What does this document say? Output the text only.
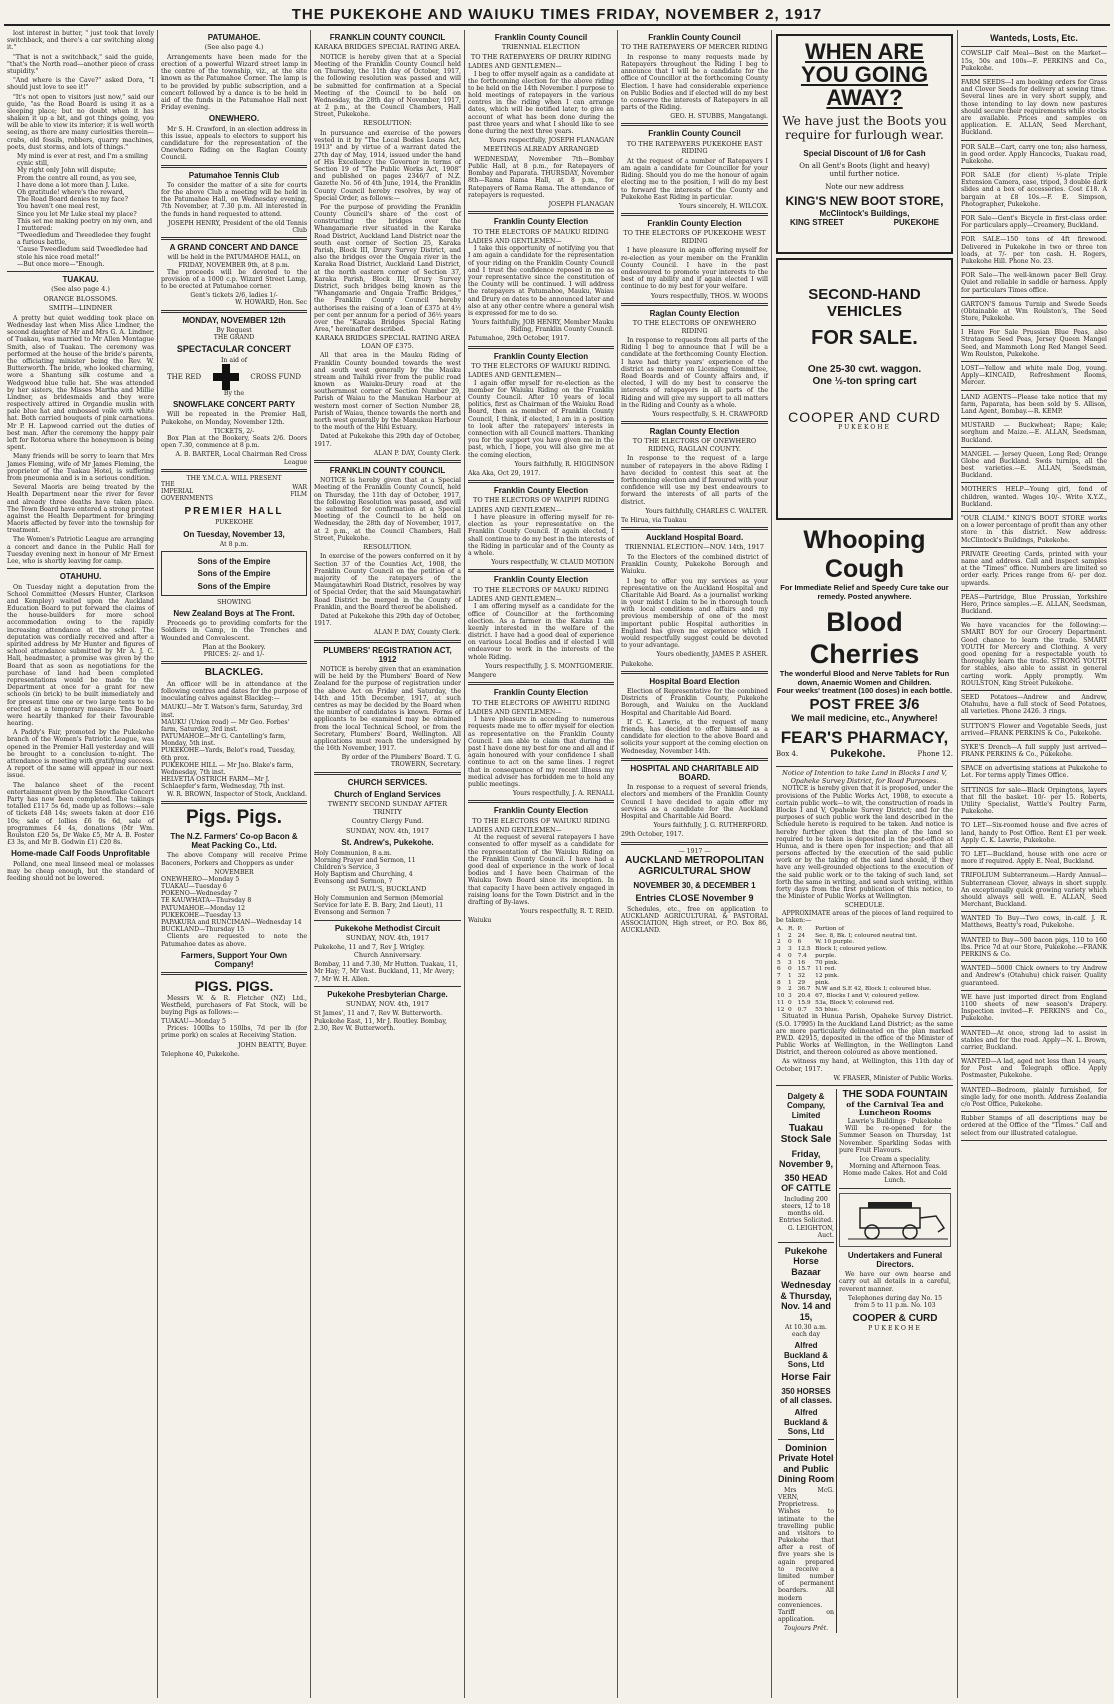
THE PUKEKOHE AND WAIUKU TIMES FRIDAY, NOVEMBER 2, 1917

lost interest in butter, " just took that lovely switchback, and there's a car switching along it."

"That is not a switchback," said the guide, "that's the North road—another piece of crass stupidity."

"And where is the Cave?" asked Dora, "I should just love to see it!"

"It's not open to visitors just now," said our guide, "as the Road Board is using it as a sleeping place; but no doubt when it has shaken it up a bit, and got things going, you will be able to view its interior; it is well worth seeing, as there are many curiosities therein—crabs, old fossils, robbers, quarry machines, poets, dust storms, and lots of things."

My mind is ever at rest, and I'm a smiling cynic still,
My right only John will dispute;
From the centre all round, as you see,
I have done a lot more than J. Luke.
Oh gratitude! where's the reward,
The Road Board denies to my face?
You haven't one meal rest,
Since you let Mr Luke steal my place?
This set me making poetry on my own, and I muttered:
"Tweedledum and Tweedledee they fought a furious battle,
'Cause Tweedledum said Tweedledee had stole his nice road metal!"
—But once more—"Enough.
TUAKAU.
(See also page 4.)
ORANGE BLOSSOMS.
SMITH—LINDNER

A pretty but quiet wedding took place on Wednesday last when Miss Alice Lindner, the second daughter of Mr and Mrs G. A. Lindner, of Tuakau, was married to Mr Allen Montague Smith, also of Tuakau. The ceremony was performed at the house of the bride's parents, the officiating minister being the Rev. W. Butterworth. The bride, who looked charming, wore a Shantung silk costume and a Wedgwood blue tulle hat. She was attended by her sisters, the Misses Martha and Millie Lindner, as bridesmaids and they were respectively attired in Organdie muslin with pale blue hat and embossed voile with white hat. Both carried bouquets of pink carnations. Mr P. H. Lapwood carried out the duties of best man. After the ceremony the happy pair left for Rotorua where the honeymoon is being spent.

Many friends will be sorry to learn that Mrs James Fleming, wife of Mr James Fleming, the proprietor of the Tuakau Hotel, is suffering from pneumonia and is in a serious condition.

Several Maoris are being treated by the Health Department near the river for fever and already three deaths have taken place. The Town Board have entered a strong protest against the Health Department for bringing Maoris affected by fever into the township for treatment.

The Women's Patriotic League are arranging a concert and dance in the Public Hall for Tuesday evening next in honour of Mr Ernest Lee, who is shortly leaving for camp.

OTAHUHU.

On Tuesday night a deputation from the School Committee (Messrs Hunter, Clarkson and Kempley) waited upon the Auckland Education Board to put forward the claims of the house-builders for more school accommodation owing to the rapidly increasing attendance at the school. The deputation was cordially received and after a spirited address by Mr Hunter and figures of school attendance submitted by Mr A. J. C. Hall, headmaster, a promise was given by the Board that as soon as negotiations for the purchase of land had been completed representations would be made to the Department at once for a grant for new schools (in brick) to be built immediately and for present time one or two large tents to be erected as a temporary measure. The Board were heartily thanked for their favourable hearing.

A Paddy's Fair, promoted by the Pukekohe branch of the Women's Patriotic League, was opened in the Premier Hall yesterday and will be brought to a conclusion to-night. The attendance is meeting with gratifying success. A report of the same will appear in our next issue.

The balance sheet of the recent entertainment given by the Snowflake Concert Party has now been completed. The takings totalled £117 5s 6d, made up as follows:—sale of tickets £48 14s; sweets taken at door £16 10s; sale of lollies £6 0s 6d, sale of programmes £4 4s, donations (Mr Wm. Roulston £20 5s, Dr Wake £5, Mr A. B. Foster £3 3s, and Mr B. Godwin £1) £20 8s.

Home-made Calf Foods Unprofitable

Polland, one meal linseed meal or molasses may be cheap enough, but the standard of feeding should not be lowered.

PATUMAHOE.
(See also page 4.)

Arrangements have been made for the erection of a powerful Wizard street lamp in the centre of the township, viz., at the site known as the Patumahoe Corner. The lamp is to be provided by public subscription, and a concert followed by a dance is to be held in aid of the funds in the Patumahoe Hall next Friday evening.

ONEWHERO.

Mr S. H. Crawford, in an election address in this issue, appeals to electors to support his candidature for the representation of the Onewhero Riding on the Raglan County Council.

Patumahoe Tennis Club

To consider the matter of a site for courts for the above Club a meeting will be held in the Patumahoe Hall, on Wednesday evening, 7th November, at 7.30 p.m. All interested in the funds in hand requested to attend.

JOSEPH HENRY, President of the old Tennis Club
A GRAND CONCERT AND DANCE
will be held in the PATUMAHOE HALL, on FRIDAY, NOVEMBER 9th, at 8 p.m.

The proceeds will be devoted to the provision of a 1000 c.p. Wizard Street Lamp, to be erected at Patumahoe corner.

Gent's tickets 2/6, ladies 1/-
W. HOWARD, Hon. Sec
MONDAY, NOVEMBER 12th
By Request
THE GRAND
SPECTACULAR CONCERT
In aid of
THE RED	CROSS FUND
By the
SNOWFLAKE CONCERT PARTY

Will be repeated in the Premier Hall, Pukekohe, on Monday, November 12th.

TICKETS, 2/-

Box Plan at the Bookery, Seats 2/6. Doors open 7.30, commence at 8 p.m.

A. B. BARTER, Local Chairman Red Cross League
THE Y.M.C.A. WILL PRESENT
THE IMPERIAL GOVERNMENTS
WAR FILM
PREMIER HALL
PUKEKOHE
On Tuesday, November 13,
At 8 p.m.
Sons of the Empire
Sons of the Empire
Sons of the Empire
SHOWING
New Zealand Boys at The Front.

Proceeds go to providing comforts for the Soldiers in Camp, in the Trenches and Wounded and Convalescent.

Plan at the Bookery.
PRICES: 2/- and 1/-
BLACKLEG.

An officer will be in attendance at the following centres and dates for the purpose of inoculating calves against Blackleg:—

MAUKU—Mr T. Watson's farm, Saturday, 3rd inst.
MAUKU (Union road) — Mr Geo. Forbes' farm, Saturday, 3rd inst.
PATUMAHOE—Mr G. Cantelling's farm, Monday, 5th inst.
PUKEKOHE—Yards, Belot's road, Tuesday, 6th prox.
PUKEKOHE HILL — Mr Jno. Blake's farm, Wednesday, 7th inst.
HELVETIA OSTRICH FARM—Mr J. Schlaepfer's farm, Wednesday, 7th inst.
W. R. BROWN, Inspector of Stock, Auckland.
Pigs. Pigs.
The N.Z. Farmers' Co-op Bacon & Meat Packing Co., Ltd.

The above Company will receive Prime Baconers, Porkers and Choppers as under

NOVEMBER
ONEWHERO—Monday 5
TUAKAU—Tuesday 6
POKENO—Wednesday 7
TE KAUWHATA—Thursday 8
PATUMAHOE—Monday 12
PUKEKOHE—Tuesday 13
PAPAKURA and RUNCIMAN—Wednesday 14
BUCKLAND—Thursday 15

Clients are requested to note the Patumahoe dates as above.

Farmers, Support Your Own Company!
PIGS. PIGS.

Messrs W. & R. Fletcher (NZ) Ltd., Westfield, purchasers of Fat Stock, will be buying Pigs as follows:—

TUAKAU—Monday 5

Prices: 100lbs to 150lbs, 7d per lb (for prime pork) on scales at Receiving Station.

JOHN BEATTY, Buyer.
Telephone 40, Pukekohe.
FRANKLIN COUNTY COUNCIL
KARAKA BRIDGES SPECIAL RATING AREA.

NOTICE is hereby given that at a Special Meeting of the Franklin County Council held on Thursday, the 11th day of October, 1917, the following resolution was passed and will be submitted for confirmation at a Special Meeting of the Council to be held on Wednesday, the 28th day of November, 1917, at 2 p.m., at the Council Chambers, Hall Street, Pukekohe.

RESOLUTION:

In pursuance and exercise of the powers vested in it by "The Local Bodies Loans Act, 1913" and by virtue of a warrant dated the 27th day of May, 1914, issued under the hand of His Excellency the Governor in terms of Section 19 of "The Public Works Act, 1908" and published on pages 2346/7 of N.Z. Gazette No. 56 of 4th June, 1914, the Franklin County Council hereby resolves, by way of Special Order, as follows:—

For the purpose of providing the Franklin County Council's share of the cost of constructing the bridges over the Whangamarie river situated in the Karaka Road District, Auckland Land District near the south east corner of Section 25, Karaka Parish, Block III, Drury Survey District, and also the bridges over the Ongaia river in the Karaka Road District, Auckland Land District, at the north eastern corner of Section 37, Karaka Parish, Block III, Drury Survey District, such bridges being known as the "Whangamarie and Ongaia Traffic Bridges," the Franklin County Council hereby authorises the raising of a loan of £375 at 4½ per cent per annum for a period of 36½ years over the "Karaka Bridges Special Rating Area," hereinafter described.

KARAKA BRIDGES SPECIAL RATING AREA LOAN OF £375.

All that area in the Mauku Riding of Franklin County bounded towards the west and south west generally by the Mauku stream and Taihiki river from the public road known as Waiuku-Drury road at the southernmost corner of Section Number 29, Parish of Waiau to the Manukau Harbour at western most corner of Section Number 28, Parish of Waiau, thence towards the north and north west generally by the Manukau Harbour to the mouth of the Hihi Estuary.

Dated at Pukekohe this 29th day of October, 1917.

ALAN P. DAY, County Clerk.
FRANKLIN COUNTY COUNCIL

NOTICE is hereby given that at a Special Meeting of the Franklin County Council, held on Thursday, the 11th day of October, 1917, the following Resolution was passed, and will be submitted for confirmation at a Special Meeting of the Council to be held on Wednesday, the 28th day of November, 1917, at 2 p.m., at the Council Chambers, Hall Street, Pukekohe.

RESOLUTION.

In exercise of the powers conferred on it by Section 37 of the Counties Act, 1908, the Franklin County Council on the petition of a majority of the ratepayers of the Maungatawhiri Road District, resolves by way of Special Order, that the said Maungatawhiri Road District be merged in the County of Franklin, and the Board thereof be abolished.

Dated at Pukekohe this 29th day of October, 1917.

ALAN P. DAY, County Clerk.
PLUMBERS' REGISTRATION ACT, 1912

NOTICE is hereby given that an examination will be held by the Plumbers' Board of New Zealand for the purpose of registration under the above Act on Friday and Saturday, the 14th and 15th December, 1917, at such centres as may be decided by the Board when the number of candidates is known. Forms of applicants to be examined may be obtained from the local Technical School, or from the Secretary, Plumbers' Board, Wellington. All applications must reach the undersigned by the 16th November, 1917.

By order of the Plumbers' Board. T. G. TROWERN, Secretary.
CHURCH SERVICES.
Church of England Services
TWENTY SECOND SUNDAY AFTER TRINITY
Country Clergy Fund.
SUNDAY, NOV. 4th, 1917
St. Andrew's, Pukekohe.
Holy Communion, 8 a.m.
Morning Prayer and Sermon, 11
Children's Service, 3
Holy Baptism and Churching, 4
Evensong and Sermon, 7
St PAUL'S, BUCKLAND
Holy Communion and Sermon (Memorial Service for late E. B. Bary, 2nd Lieut), 11
Evensong and Sermon 7
Pukekohe Methodist Circuit
SUNDAY, NOV. 4th, 1917
Pukekohe, 11 and 7, Rev J. Wrigley.
Church Anniversary.
Bombay, 11 and 7.30, Mr Hutton. Tuakau, 11, Mr Hay; 7, Mr Vast. Buckland, 11, Mr Avery; 7, Mr W. H. Allen.
Pukekohe Presbyterian Charge.
SUNDAY, NOV. 4th, 1917
St James', 11 and 7, Rev W. Butterworth. Pukekohe East, 11, Mr J. Routley. Bombay, 2.30, Rev W. Butterworth.
Franklin County Council
TRIENNIAL ELECTION
TO THE RATEPAYERS OF DRURY RIDING
LADIES AND GENTLEMEN—

I beg to offer myself again as a candidate at the forthcoming election for the above riding to be held on the 14th November. I purpose to hold meetings of ratepayers in the various centres in the riding when I can arrange dates, which will be notified later, to give an account of what has been done during the past three years and what I should like to see done during the next three years.

Yours respectfully, JOSEPH FLANAGAN
MEETINGS ALREADY ARRANGED

WEDNESDAY, November 7th—Bombay Public Hall, at 8 p.m., for Ratepayers of Bombay and Paparata. THURSDAY, November 8th—Rama Rama Hall, at 8 p.m., for Ratepayers of Rama Rama. The attendance of ratepayers is requested.

JOSEPH FLANAGAN
Franklin County Election
TO THE ELECTORS OF MAUKU RIDING
LADIES AND GENTLEMEN—

I take this opportunity of notifying you that I am again a candidate for the representation of your riding on the Franklin County Council and I trust the confidence reposed in me as your representative since the constitution of the County will be continued. I will address the ratepayers at Patumahoe, Mauku, Waiau and Drury on dates to be announced later and also at any other centre where a general wish is expressed for me to do so.

Yours faithfully, JOB HENRY, Member Mauku Riding, Franklin County Council.
Patumahoe, 29th October, 1917.
Franklin County Election
TO THE ELECTORS OF WAIUKU RIDING.
LADIES AND GENTLEMEN—

I again offer myself for re-election as the member for Waiuku Riding on the Franklin County Council. After 10 years of local politics, first as Chairman of the Waiuku Road Board, then as member of Franklin County Council, I think, if elected, I am in a position to look after the ratepayers' interests in connection with all Council matters. Thanking you for the support you have given me in the past, which, I hope, you will also give me at the coming election,

Yours faithfully, R. HIGGINSON
Aka Aka, Oct 29, 1917.
Franklin County Election
TO THE ELECTORS OF WAIPIPI RIDING
LADIES AND GENTLEMEN—

I have pleasure in offering myself for re-election as your representative on the Franklin County Council. If again elected, I shall continue to do my best in the interests of the Riding in particular and of the County as a whole.

Yours respectfully, W. CLAUD MOTION
Franklin County Election
TO THE ELECTORS OF MAUKU RIDING
LADIES AND GENTLEMEN—

I am offering myself as a candidate for the office of Councillor at the forthcoming election. As a farmer in the Karaka I am keenly interested in the welfare of the district. I have had a good deal of experience on various Local Bodies and if elected I will endeavour to work in the interests of the whole Riding.

Yours respectfully, J. S. MONTGOMERIE.
Mangere
Franklin County Election
TO THE ELECTORS OF AWHITU RIDING
LADIES AND GENTLEMEN—

I have pleasure in acceding to numerous requests made me to offer myself for election as representative on the Franklin County Council. I am able to claim that during the past I have done my best for one and all and if again honoured with your confidence I shall continue to act on the same lines. I regret that in consequence of my recent illness my medical adviser has forbidden me to hold any public meetings.

Yours respectfully, J. A. RENALL
Franklin County Election
TO THE ELECTORS OF WAIUKU RIDING
LADIES AND GENTLEMEN—

At the request of several ratepayers I have consented to offer myself as a candidate for the representation of the Waiuku Riding on the Franklin County Council. I have had a good deal of experience in the work of local bodies and I have been Chairman of the Waiuku Town Board since its inception. In that capacity I have been actively engaged in raising loans for the Town District and in the drafting of By-laws.

Yours respectfully, R. T. REID.
Waiuku
Franklin County Council
TO THE RATEPAYERS OF MERCER RIDING

In response to many requests made by Ratepayers throughout the Riding I beg to announce that I will be a candidate for the office of Councillor at the forthcoming County Election. I have had considerable experience on Public Bodies and if elected will do my best to conserve the interests of Ratepayers in all parts of the Riding.

GEO. H. STUBBS, Mangatangi.
Franklin County Council
TO THE RATEPAYERS PUKEKOHE EAST RIDING

At the request of a number of Ratepayers I am again a candidate for Councillor for your Riding. Should you do me the honour of again electing me to the position, I will do my best to forward the interests of the County and Pukekohe East Riding in particular.

Yours sincerely, H. WILCOX.
Franklin County Election
TO THE ELECTORS OF PUKEKOHE WEST RIDING

I have pleasure in again offering myself for re-election as your member on the Franklin County Council. I have in the past endeavoured to promote your interests to the best of my ability and if again elected I will continue to do my best for your welfare.

Yours respectfully, THOS. W. WOODS
Raglan County Election
TO THE ELECTORS OF ONEWHERO RIDING

In response to requests from all parts of the Riding I beg to announce that I will be a candidate at the forthcoming County Election. I have had thirty years' experience of the district as member on Licensing Committee, Road Boards and of County affairs and, if elected, I will do my best to conserve the interests of ratepayers in all parts of the Riding and will give my support to all matters in the Riding and County as a whole.

Yours respectfully, S. H. CRAWFORD
Raglan County Election
TO THE ELECTORS OF ONEWHERO RIDING, RAGLAN COUNTY.

In response to the request of a large number of ratepayers in the above Riding I have decided to contest this seat at the forthcoming election and if favoured with your confidence will use my best endeavours to forward the interests of all parts of the district.

Yours faithfully, CHARLES C. WALTER.
Te Hirua, via Tuakau
Auckland Hospital Board.
TRIENNIAL ELECTION—NOV. 14th, 1917

To the Electors of the combined district of Franklin County, Pukekohe Borough and Waiuku.

I beg to offer you my services as your representative on the Auckland Hospital and Charitable Aid Board. As a journalist working in your midst I claim to be in thorough touch with local conditions and affairs and my previous membership of one of the most important public Hospital authorities in England has given me experience which I would respectfully suggest could be devoted to your advantage.

Yours obediently, JAMES P. ASHER.
Pukekohe.
Hospital Board Election

Election of Representative for the combined Districts of Franklin County, Pukekohe Borough, and Waiuku on the Auckland Hospital and Charitable Aid Board.

If C. K. Lawrie, at the request of many friends, has decided to offer himself as a candidate for election to the above Board and solicits your support at the coming election on Wednesday, November 14th.

HOSPITAL AND CHARITABLE AID BOARD.

In response to a request of several friends, electors and members of the Franklin County Council I have decided to again offer my services as a candidate for the Auckland Hospital and Charitable Aid Board.

Yours faithfully, J. G. RUTHERFORD.
29th October, 1917.
— 1917 —
AUCKLAND METROPOLITAN AGRICULTURAL SHOW
NOVEMBER 30, & DECEMBER 1
Entries CLOSE November 9

Schedules, etc., free on application to AUCKLAND AGRICULTURAL & PASTORAL ASSOCIATION, High street, or P.O. Box 86, AUCKLAND.

WHEN ARE YOU GOING AWAY?
We have just the Boots you require for furlough wear.
Special Discount of 1/6 for Cash
On all Gent's Boots (light and heavy) until further notice.
Note our new address
KING'S NEW BOOT STORE,
McClintock's Buildings,
KING STREET	PUKEKOHE
SECOND-HAND VEHICLES
FOR SALE.
One 25-30 cwt. waggon.
One ½-ton spring cart
COOPER AND CURD
PUKEKOHE
Whooping Cough
For Immediate Relief and Speedy Cure take our remedy. Posted anywhere.
Blood Cherries
The wonderful Blood and Nerve Tablets for Run down, Anaemic Women and Children.
Four weeks' treatment (100 doses) in each bottle.
POST FREE 3/6
We mail medicine, etc., Anywhere!
FEAR'S PHARMACY,
Box 4.	Pukekohe.	Phone 12.
Notice of Intention to take Land in Blocks I and V, Opaheke Survey District, for Road Purposes.

NOTICE is hereby given that it is proposed, under the provisions of the Public Works Act, 1908, to execute a certain public work—to wit, the construction of roads in Blocks I and V, Opaheke Survey District; and for the purposes of such public work the land described in the Schedule hereto is required to be taken. And notice is hereby further given that the plan of the land so required to be taken is deposited in the post-office at Hunua, and is there open for inspection; and that all persons affected by the execution of the said public work or by the taking of the said land should, if they have any well-grounded objections to the execution of the said public work or to the taking of such land, set forth the same in writing, and send such writing, within forty days from the first publication of this notice, to the Minister of Public Works at Wellington.

SCHEDULE.

APPROXIMATE areas of the pieces of land required to be taken:—

A.	R.	P.	Portion of
1	2	24	Sec. 8, Bk. I; coloured neutral tint.
2	0	6	W. 10 purple.
3	3	12.5	Block I; coloured yellow.
4	0	7.4	purple.
5	3	16	70 pink.
6	0	15.7	11 red.
7	1	32	12 pink.
8	1	29	pink.
9	2	36.7	N.W and S.E 42, Block I; coloured blue.
10	3	20.4	67, Blocks I and V; coloured yellow.
11	0	15.9	53a, Block V; coloured red.
12	0	0.7	55 blue.

Situated in Hunua Parish, Opaheke Survey District. (S.O. 17995) In the Auckland Land District; as the same are more particularly delineated on the plan marked P.W.D. 42915, deposited in the office of the Minister of Public Works at Wellington, in the Wellington Land District, and thereon coloured as above mentioned.

As witness my hand, at Wellington, this 11th day of October, 1917.

W. FRASER, Minister of Public Works.
Dalgety & Company, Limited
Tuakau Stock Sale
Friday, November 9,
350 HEAD OF CATTLE
Including 200 steers, 12 to 18 months old.
Entries Solicited.
G. LEIGHTON, Auct.
Pukekohe Horse Bazaar
Wednesday & Thursday, Nov. 14 and 15,
At 10.30 a.m. each day
Alfred Buckland & Sons, Ltd
Horse Fair
350 HORSES of all classes.
Alfred Buckland & Sons, Ltd
Dominion Private Hotel and Public Dining Room

Mrs McG. VERN, Proprietress. Wishes to intimate to the travelling public and visitors to Pukekohe that after a rest of five years she is again prepared to receive a limited number of permanent boarders. All modern conveniences. Tariff on application.

Toujours Prêt.
THE SODA FOUNTAIN
of the Carnival Tea and Luncheon Rooms
Lawrie's Buildings · Pukekohe

Will be re-opened for the Summer Season on Thursday, 1st November. Sparkling Sodas with pure Fruit Flavours.

Ice Cream a speciality.
Morning and Afternoon Teas. Home made Cakes. Hot and Cold Lunch.
Undertakers and Funeral Directors.

We have our own hearse and carry out all details in a careful, reverent manner.

Telephones during day No. 15
from 5 to 11 p.m. No. 103
COOPER & CURD
PUKEKOHE
Wanteds, Losts, Etc.
COWSLIP Calf Meal—Best on the Market—15s, 50s and 100s—F. PERKINS and Co., Pukekohe.
FARM SEEDS—I am booking orders for Grass and Clover Seeds for delivery at sowing time. Several lines are in very short supply, and those intending to lay down new pastures should secure their requirements while stocks are available. Prices and samples on application. E. ALLAN, Seed Merchant, Buckland.
FOR SALE—Cart, carry one ton; also harness, in good order. Apply Hancocks, Tuakau road, Pukekohe.
FOR SALE (for client) ½-plate Triple Extension Camera, case, tripod, 3 double dark slides and a box of accessories. Cost £18. A bargain at £8 10s.—F. E. Simpson, Photographer, Pukekohe.
FOR Sale—Gent's Bicycle in first-class order. For particulars apply—Creamery, Buckland.
FOR SALE—150 tons of 4ft firewood. Delivered in Pukekohe in two or three ton loads, at 7/- per ton cash. H. Rogers, Pukekohe Hill. Phone No. 23.
FOR Sale—The well-known pacer Bell Gray. Quiet and reliable in saddle or harness. Apply for particulars Times office.
GARTON'S famous Turnip and Swede Seeds (Obtainable at Wm Roulston's, The Seed Store, Pukekohe.
I Have For Sale Prussian Blue Peas, also Stratagem Seed Peas, Jersey Queen Mangel Seed, and Mammoth Long Red Mangel Seed. Wm Roulston, Pukekohe.
LOST—Yellow and white male Dog, young. Apply—KINCAID, Refreshment Rooms, Mercer.
LAND AGENTS—Please take notice that my farm, Paparata, has been sold by S. Allison, Land Agent, Bombay.—R. KEMP.
MUSTARD — Buckwheat; Rape; Kale; sorghum and Maize.—E. ALLAN, Seedsman, Buckland.
MANGEL — Jersey Queen, Long Red; Orange Globe and Buckland. Swds turnips, all the best varieties.—E. ALLAN, Seedsman, Buckland.
MOTHER'S HELP—Young girl, fond of children, wanted. Wages 10/-. Write X.Y.Z., Buckland.
"OUR CLAIM." KING'S BOOT STORE works on a lower percentage of profit than any other store in this district. New address: McClintock's Buildings, Pukekohe.
PRIVATE Greeting Cards, printed with your name and address. Call and inspect samples at the "Times" office. Numbers are limited so order early. Prices range from 6/- per doz. upwards.
PEAS—Partridge, Blue Prussian, Yorkshire Hero, Prince samples.—E. ALLAN, Seedsman, Buckland.
We have vacancies for the following:— SMART BOY for our Grocery Department. Good chance to learn the trade. SMART YOUTH for Mercery and Clothing. A very good opening for a respectable youth to thoroughly learn the trade. STRONG YOUTH for stables, also able to assist in general carting work. Apply promptly. Wm ROULSTON, King Street Pukekohe.
SEED Potatoes—Andrew and Andrew, Otahuhu, have a full stock of Seed Potatoes, all varieties. Phone 2426. 3 rings.
SUTTON'S Flower and Vegetable Seeds, just arrived—FRANK PERKINS & Co., Pukekohe.
SYKE'S Drench—A full supply just arrived—FRANK PERKINS & Co., Pukekohe.
SPACE on advertising stations at Pukekohe to Let. For terms apply Times Office.
SITTINGS for sale—Black Orpingtons, layers that fill the basket. 10/- per 15. Roberts, Utility Specialist, Wattle's Poultry Farm, Pukekohe.
TO LET—Six-roomed house and five acres of land, handy to Post Office. Rent £1 per week. Apply C. K. Lawrie, Pukekohe.
TO LET—Buckland, house with one acre or more if required. Apply E. Neal, Buckland.
TRIFOLIUM Subterraneum.—Hardy Annual—Subterranean Clover, always in short supply. An exceptionally quick growing variety which should always sell well. E. ALLAN, Seed Merchant, Buckland.
WANTED To Buy—Two cows, in-calf. J. R. Matthews, Beatty's road, Pukekohe.
WANTED to Buy—500 bacon pigs, 110 to 160 lbs. Price 7d at our Store, Pukekohe.—FRANK PERKINS & Co.
WANTED—5000 Chick owners to try Andrew and Andrew's (Otahuhu) chick raiser. Quality guaranteed.
WE have just imported direct from England 1100 sheets of new season's Drapery. Inspection invited—F. PERKINS and Co., Pukekohe.
WANTED—At once, strong lad to assist in stables and for the road. Apply—N. L. Brown, carrier, Buckland.
WANTED—A lad, aged not less than 14 years, for Post and Telegraph office. Apply Postmaster, Pukekohe.
WANTED—Bedroom, plainly furnished, for single lady, for one month. Address Zealandia c/o Post Office, Pukekohe.
Rubber Stamps of all descriptions may be ordered at the Office of the "Times." Call and select from our illustrated catalogue.
